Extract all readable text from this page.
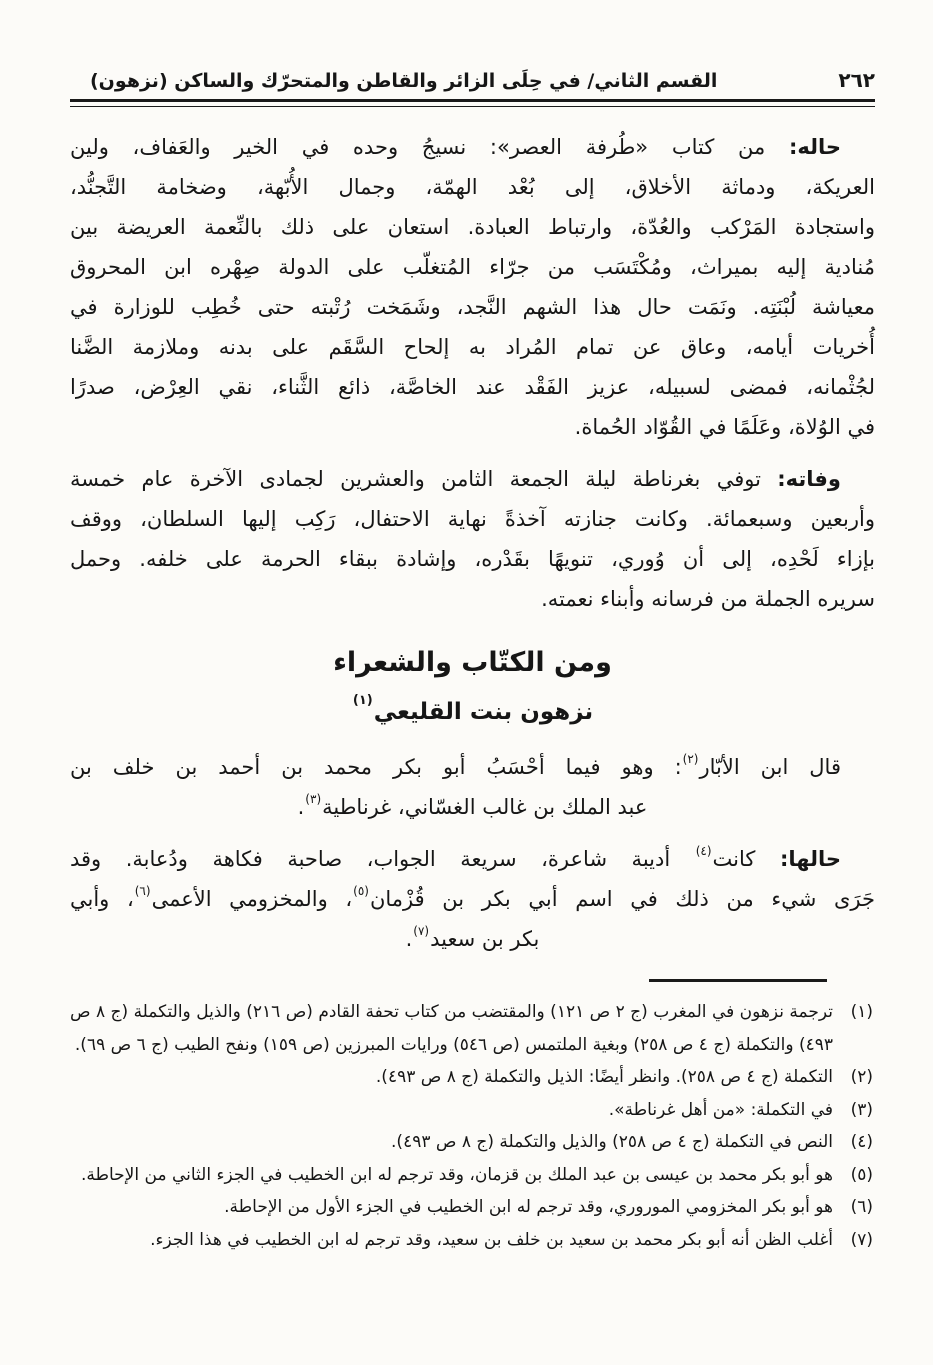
٢٦٢
القسم الثاني/ في حِلَى الزائر والقاطن والمتحرّك والساكن (نزهون)
حاله: من كتاب «طُرفة العصر»: نسيجُ وحده في الخير والعَفاف، ولين
العريكة، ودماثة الأخلاق، إلى بُعْد الهمّة، وجمال الأُبّهة، وضخامة التَّجنُّد،
واستجادة المَرْكب والعُدّة، وارتباط العبادة. استعان على ذلك بالنِّعمة العريضة بين
مُنادية إليه بميراث، ومُكْتَسَب من جرّاء المُتغلّب على الدولة صِهْره ابن المحروق
معياشة لُبْنَتِه. ونَمَت حال هذا الشهم النَّجد، وشَمَخت رُتْبته حتى خُطِب للوزارة في
أُخريات أيامه، وعاق عن تمام المُراد به إلحاح السَّقَم على بدنه وملازمة الضَّنا
لجُثْمانه، فمضى لسبيله، عزيز الفَقْد عند الخاصَّة، ذائع الثَّناء، نقي العِرْض، صدرًا
في الوُلاة، وعَلَمًا في القُوّاد الحُماة.
وفاته: توفي بغرناطة ليلة الجمعة الثامن والعشرين لجمادى الآخرة عام خمسة
وأربعين وسبعمائة. وكانت جنازته آخذةً نهاية الاحتفال، رَكِب إليها السلطان، ووقف
بإزاء لَحْدِه، إلى أن وُوري، تنويهًا بقَدْره، وإشادة ببقاء الحرمة على خلفه. وحمل
سريره الجملة من فرسانه وأبناء نعمته.
ومن الكتّاب والشعراء
نزهون بنت القليعي$^{(١)}$
قال ابن الأبّار$^{(٢)}$: وهو فيما أحْسَبُ أبو بكر محمد بن أحمد بن خلف بن
عبد الملك بن غالب الغسّاني، غرناطية$^{(٣)}$.
حالها: كانت$^{(٤)}$ أديبة شاعرة، سريعة الجواب، صاحبة فكاهة ودُعابة. وقد
جَرَى شيء من ذلك في اسم أبي بكر بن قُزْمان$^{(٥)}$، والمخزومي الأعمى$^{(٦)}$، وأبي
بكر بن سعيد$^{(٧)}$.
(١)
ترجمة نزهون في المغرب (ج ٢ ص ١٢١) والمقتضب من كتاب تحفة القادم (ص ٢١٦) والذيل والتكملة (ج ٨ ص ٤٩٣) والتكملة (ج ٤ ص ٢٥٨) وبغية الملتمس (ص ٥٤٦) ورايات المبرزين (ص ١٥٩) ونفح الطيب (ج ٦ ص ٦٩).
(٢)
التكملة (ج ٤ ص ٢٥٨). وانظر أيضًا: الذيل والتكملة (ج ٨ ص ٤٩٣).
(٣)
في التكملة: «من أهل غرناطة».
(٤)
النص في التكملة (ج ٤ ص ٢٥٨) والذيل والتكملة (ج ٨ ص ٤٩٣).
(٥)
هو أبو بكر محمد بن عيسى بن عبد الملك بن قزمان، وقد ترجم له ابن الخطيب في الجزء الثاني من الإحاطة.
(٦)
هو أبو بكر المخزومي الموروري، وقد ترجم له ابن الخطيب في الجزء الأول من الإحاطة.
(٧)
أغلب الظن أنه أبو بكر محمد بن سعيد بن خلف بن سعيد، وقد ترجم له ابن الخطيب في هذا الجزء.
